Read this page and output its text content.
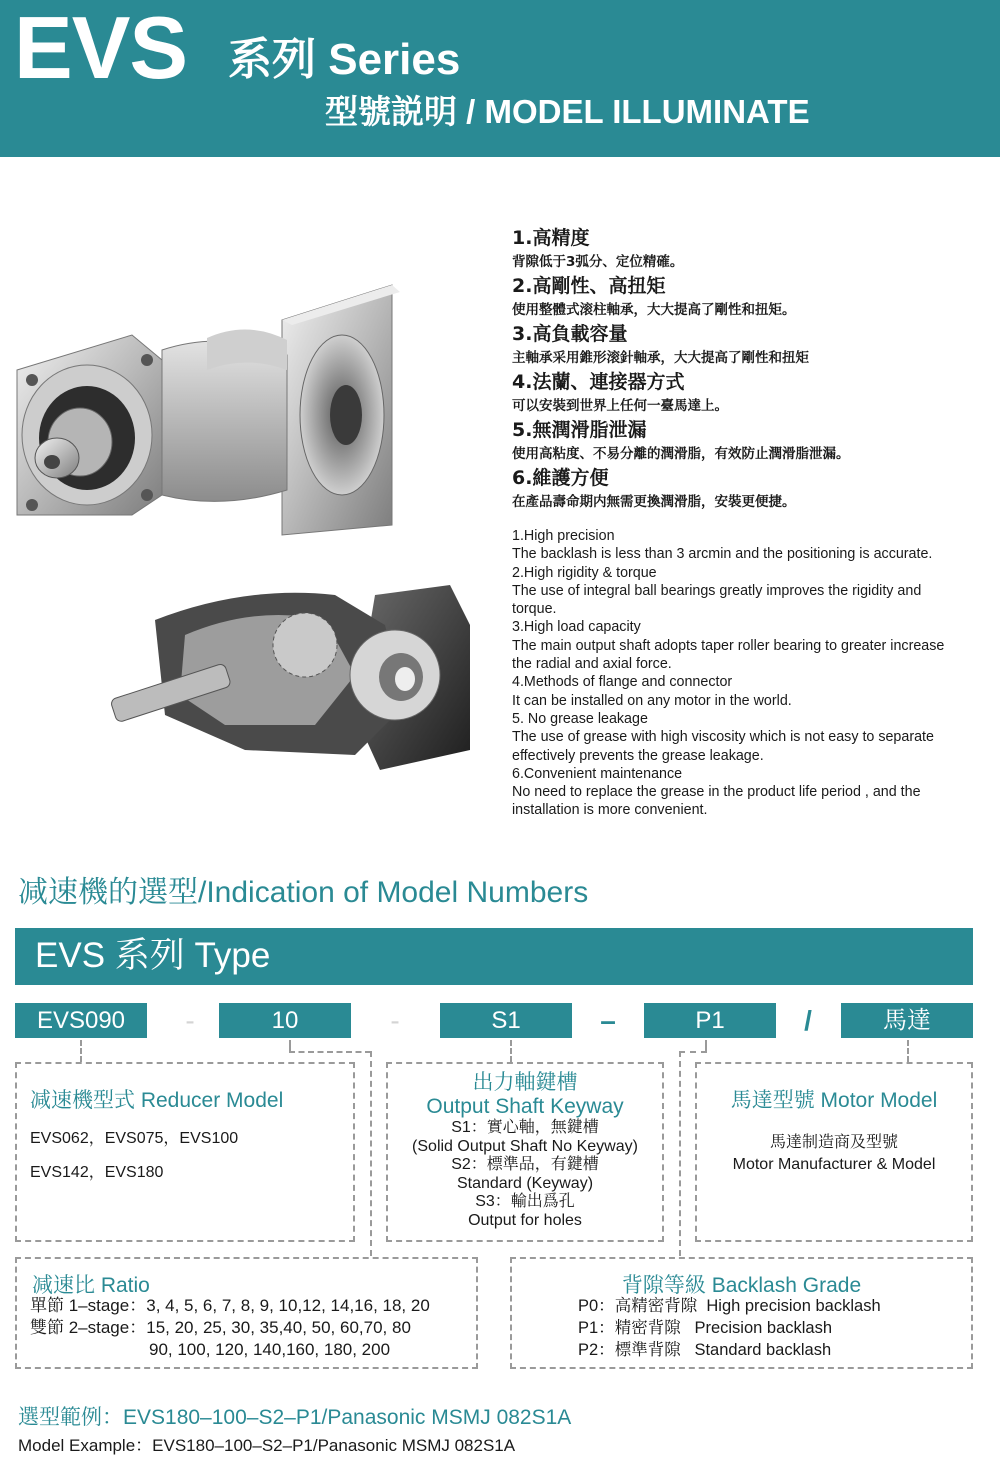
EVS 系列 Series
型號説明 / MODEL ILLUMINATE
1.高精度
背隙低于3弧分、定位精確。
2.高剛性、高扭矩
使用整體式滚柱軸承，大大提高了剛性和扭矩。
3.高負載容量
主軸承采用錐形滚針軸承，大大提高了剛性和扭矩
4.法蘭、連接器方式
可以安裝到世界上任何一臺馬達上。
5.無潤滑脂泄漏
使用高粘度、不易分離的潤滑脂，有效防止潤滑脂泄漏。
6.維護方便
在產品壽命期内無需更換潤滑脂，安裝更便捷。
1.High precision
The backlash is less than 3 arcmin and the positioning is accurate.
2.High rigidity & torque
The use of integral ball bearings greatly improves the rigidity and torque.
3.High load capacity
The main output shaft adopts taper roller bearing to greater increase the radial and axial force.
4.Methods of flange and connector
It can be installed on any motor in the world.
5. No grease leakage
The use of grease with high viscosity which is not easy to separate effectively prevents the grease leakage.
6.Convenient maintenance
No need to replace the grease in the product life period , and the installation is more convenient.
减速機的選型/Indication of Model Numbers
EVS 系列 Type
EVS090	-	10	-	S1	–	P1	/	馬達
减速機型式 Reducer Model
EVS062，EVS075，EVS100
EVS142，EVS180
出力軸鍵槽
Output Shaft Keyway
S1：實心軸，無鍵槽
(Solid Output Shaft No Keyway)
S2：標準品，有鍵槽
Standard (Keyway)
S3：輸出爲孔
Output for holes
馬達型號 Motor Model
馬達制造商及型號
Motor Manufacturer & Model
减速比 Ratio
單節 1–stage：3, 4, 5, 6, 7, 8, 9, 10,12, 14,16, 18, 20
雙節 2–stage：15, 20, 25, 30, 35,40, 50, 60,70, 80
90, 100, 120, 140,160, 180, 200
背隙等級 Backlash Grade
P0：高精密背隙 High precision backlash
P1：精密背隙 Precision backlash
P2：標準背隙 Standard backlash
選型範例：EVS180–100–S2–P1/Panasonic MSMJ 082S1A
Model Example：EVS180–100–S2–P1/Panasonic MSMJ 082S1A
